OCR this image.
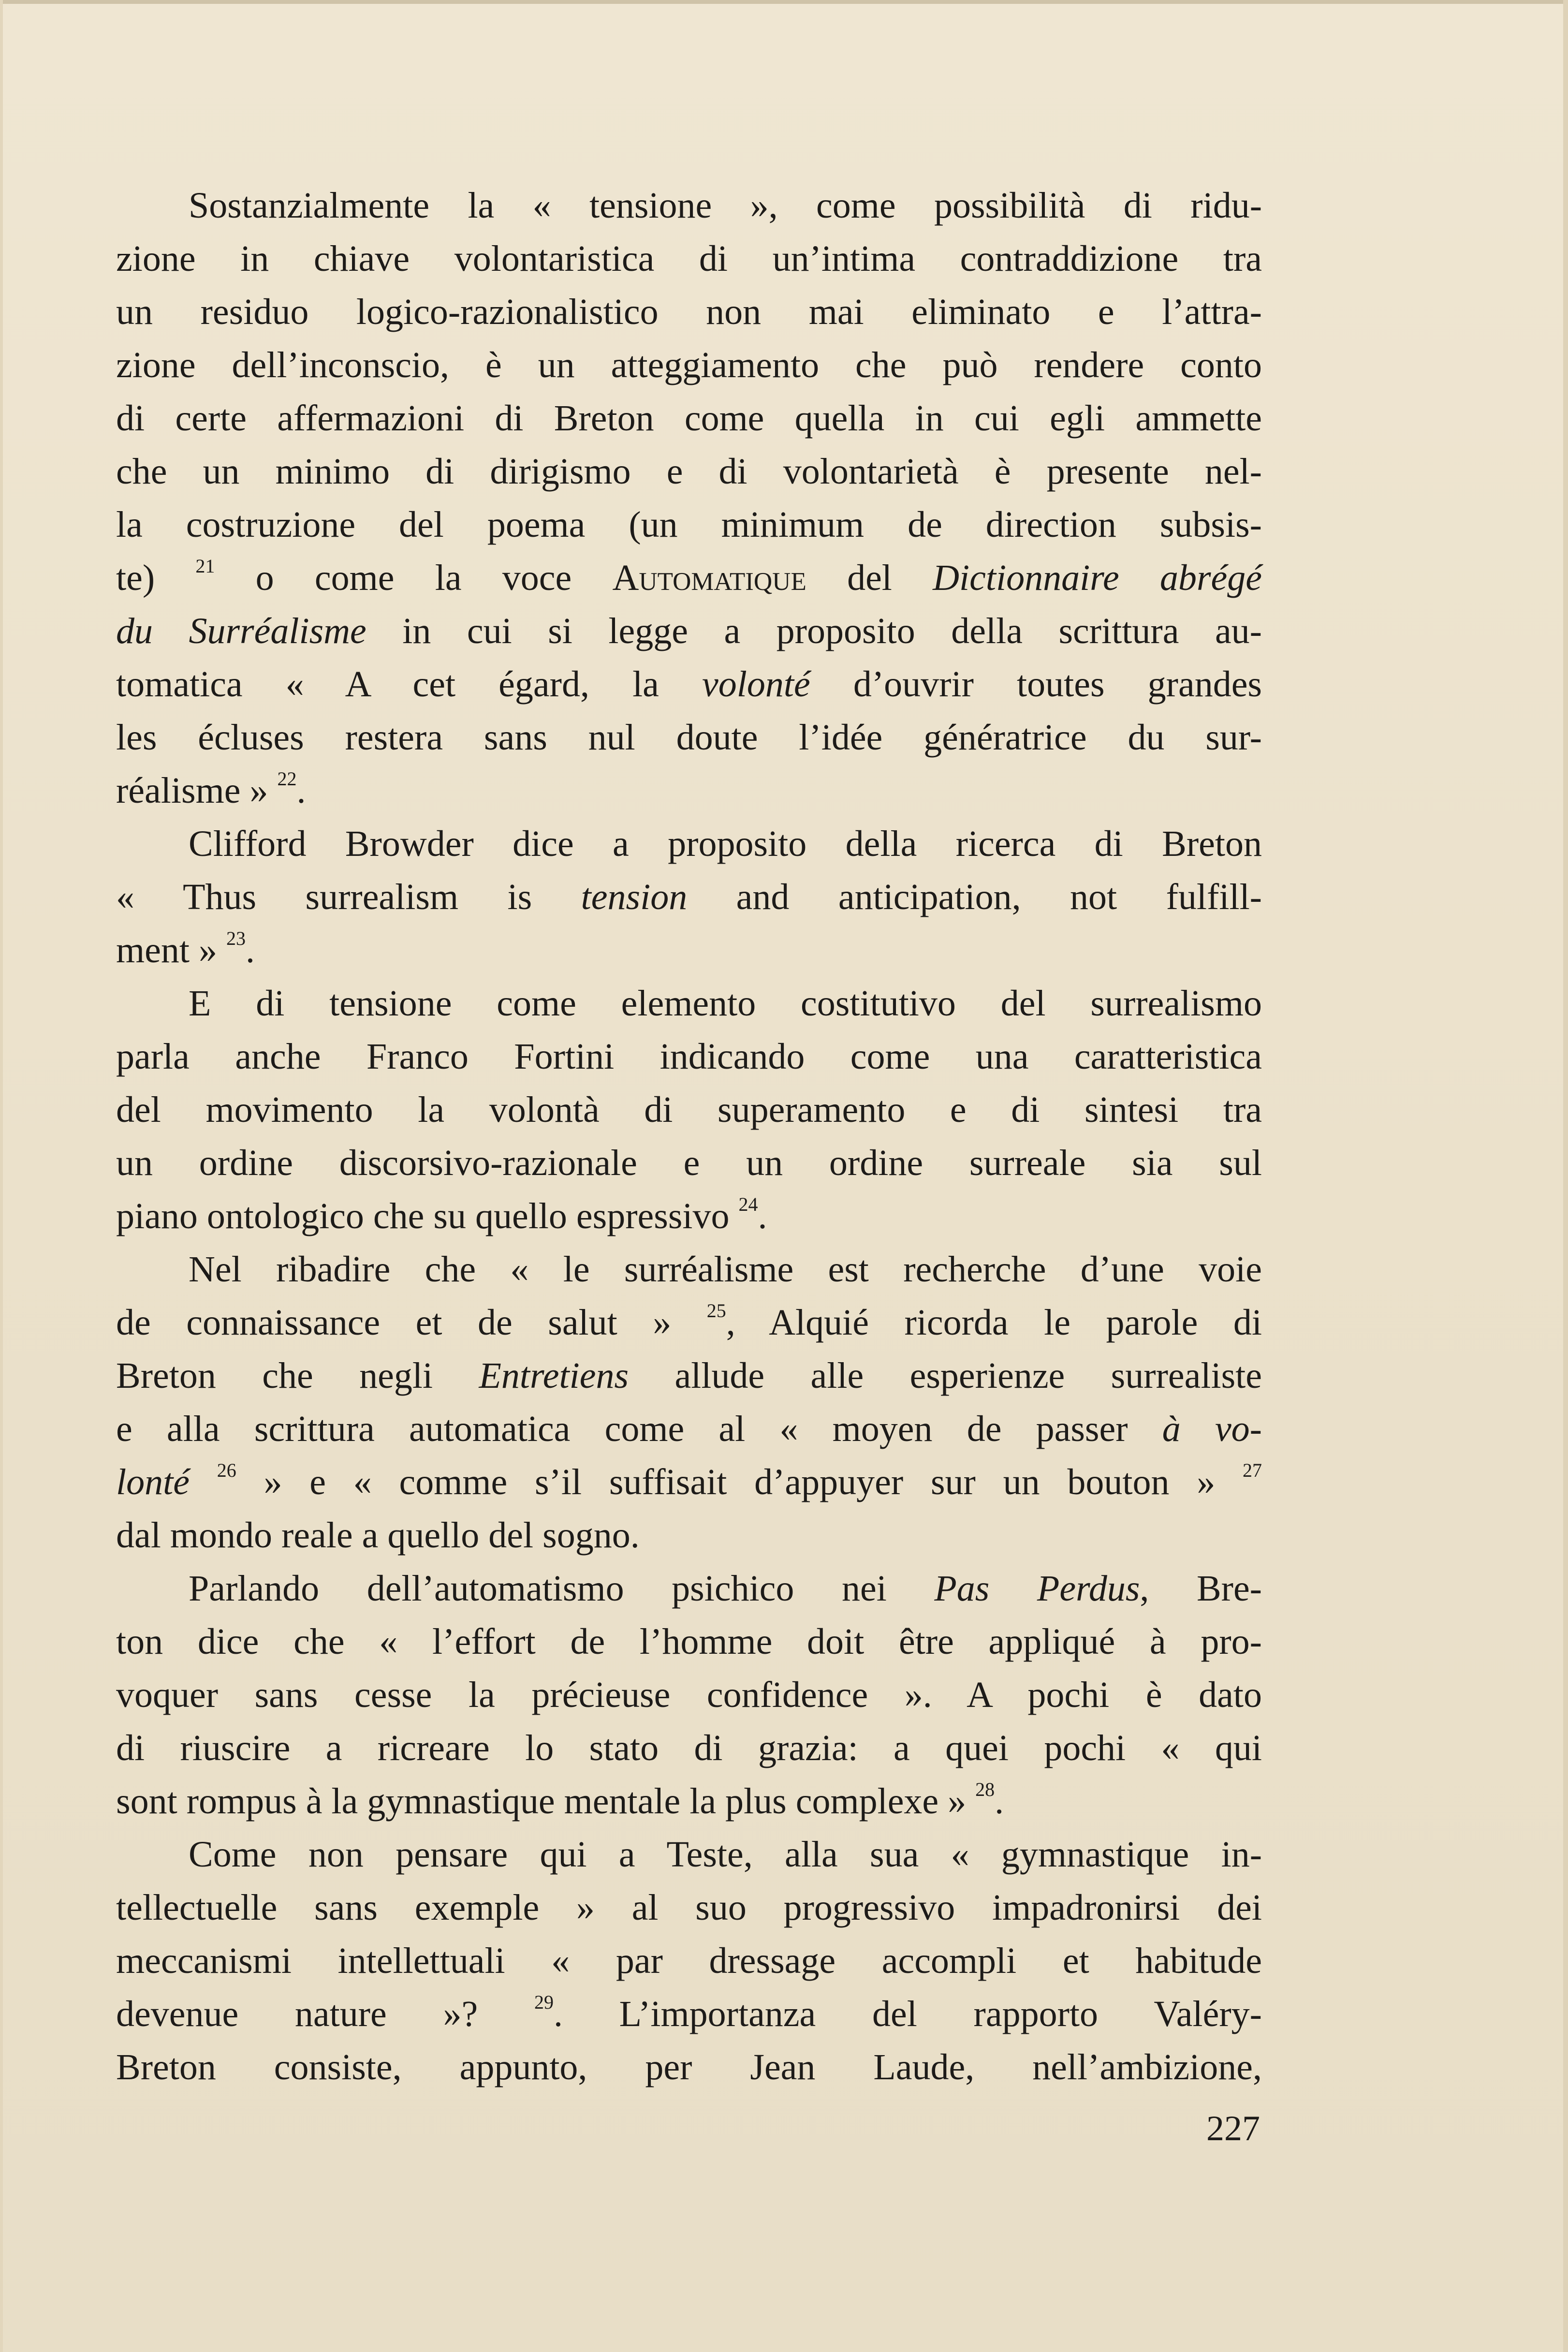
Sostanzialmente la « tensione », come possibilità di ridu-
zione in chiave volontaristica di un’intima contraddizione tra
un residuo logico-razionalistico non mai eliminato e l’attra-
zione dell’inconscio, è un atteggiamento che può rendere conto
di certe affermazioni di Breton come quella in cui egli ammette
che un minimo di dirigismo e di volontarietà è presente nel-
la costruzione del poema (un minimum de direction subsis-
te) $^{21}$ o come la voce Automatique del Dictionnaire abrégé
du Surréalisme in cui si legge a proposito della scrittura au-
tomatica « A cet égard, la volonté d’ouvrir toutes grandes
les écluses restera sans nul doute l’idée génératrice du sur-
réalisme » $^{22}$.
Clifford Browder dice a proposito della ricerca di Breton
« Thus surrealism is tension and anticipation, not fulfill-
ment » $^{23}$.
E di tensione come elemento costitutivo del surrealismo
parla anche Franco Fortini indicando come una caratteristica
del movimento la volontà di superamento e di sintesi tra
un ordine discorsivo-razionale e un ordine surreale sia sul
piano ontologico che su quello espressivo $^{24}$.
Nel ribadire che « le surréalisme est recherche d’une voie
de connaissance et de salut » $^{25}$, Alquié ricorda le parole di
Breton che negli Entretiens allude alle esperienze surrealiste
e alla scrittura automatica come al « moyen de passer à vo-
lonté $^{26}$ » e « comme s’il suffisait d’appuyer sur un bouton » $^{27}$
dal mondo reale a quello del sogno.
Parlando dell’automatismo psichico nei Pas Perdus, Bre-
ton dice che « l’effort de l’homme doit être appliqué à pro-
voquer sans cesse la précieuse confidence ». A pochi è dato
di riuscire a ricreare lo stato di grazia: a quei pochi « qui
sont rompus à la gymnastique mentale la plus complexe » $^{28}$.
Come non pensare qui a Teste, alla sua « gymnastique in-
tellectuelle sans exemple » al suo progressivo impadronirsi dei
meccanismi intellettuali « par dressage accompli et habitude
devenue nature »? $^{29}$. L’importanza del rapporto Valéry-
Breton consiste, appunto, per Jean Laude, nell’ambizione,
227
